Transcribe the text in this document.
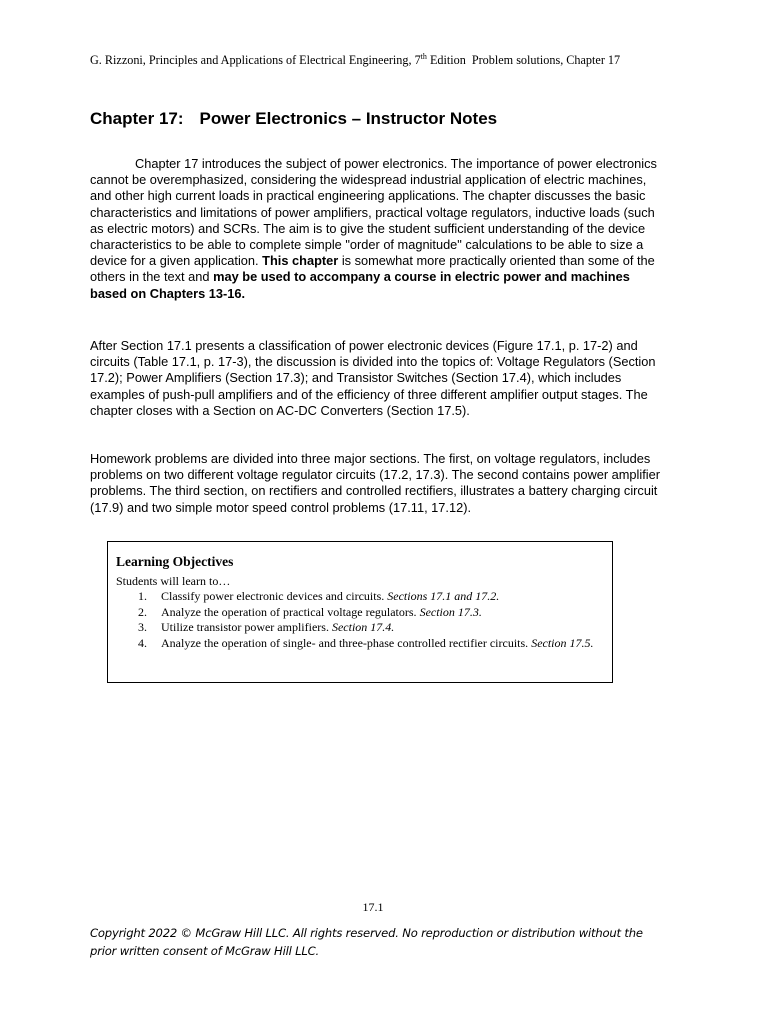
G. Rizzoni, Principles and Applications of Electrical Engineering, 7th Edition Problem solutions, Chapter 17
Chapter 17: Power Electronics – Instructor Notes

Chapter 17 introduces the subject of power electronics. The importance of power electronics cannot be overemphasized, considering the widespread industrial application of electric machines, and other high current loads in practical engineering applications. The chapter discusses the basic characteristics and limitations of power amplifiers, practical voltage regulators, inductive loads (such as electric motors) and SCRs. The aim is to give the student sufficient understanding of the device characteristics to be able to complete simple "order of magnitude" calculations to be able to size a device for a given application. This chapter is somewhat more practically oriented than some of the others in the text and may be used to accompany a course in electric power and machines based on Chapters 13-16.

After Section 17.1 presents a classification of power electronic devices (Figure 17.1, p. 17-2) and circuits (Table 17.1, p. 17-3), the discussion is divided into the topics of: Voltage Regulators (Section 17.2); Power Amplifiers (Section 17.3); and Transistor Switches (Section 17.4), which includes examples of push-pull amplifiers and of the efficiency of three different amplifier output stages. The chapter closes with a Section on AC-DC Converters (Section 17.5).

Homework problems are divided into three major sections. The first, on voltage regulators, includes problems on two different voltage regulator circuits (17.2, 17.3). The second contains power amplifier problems. The third section, on rectifiers and controlled rectifiers, illustrates a battery charging circuit (17.9) and two simple motor speed control problems (17.11, 17.12).

Learning Objectives
Students will learn to…
1. Classify power electronic devices and circuits. Sections 17.1 and 17.2.
2. Analyze the operation of practical voltage regulators. Section 17.3.
3. Utilize transistor power amplifiers. Section 17.4.
4. Analyze the operation of single- and three-phase controlled rectifier circuits. Section 17.5.
17.1
Copyright 2022 © McGraw Hill LLC. All rights reserved. No reproduction or distribution without the prior written consent of McGraw Hill LLC.
